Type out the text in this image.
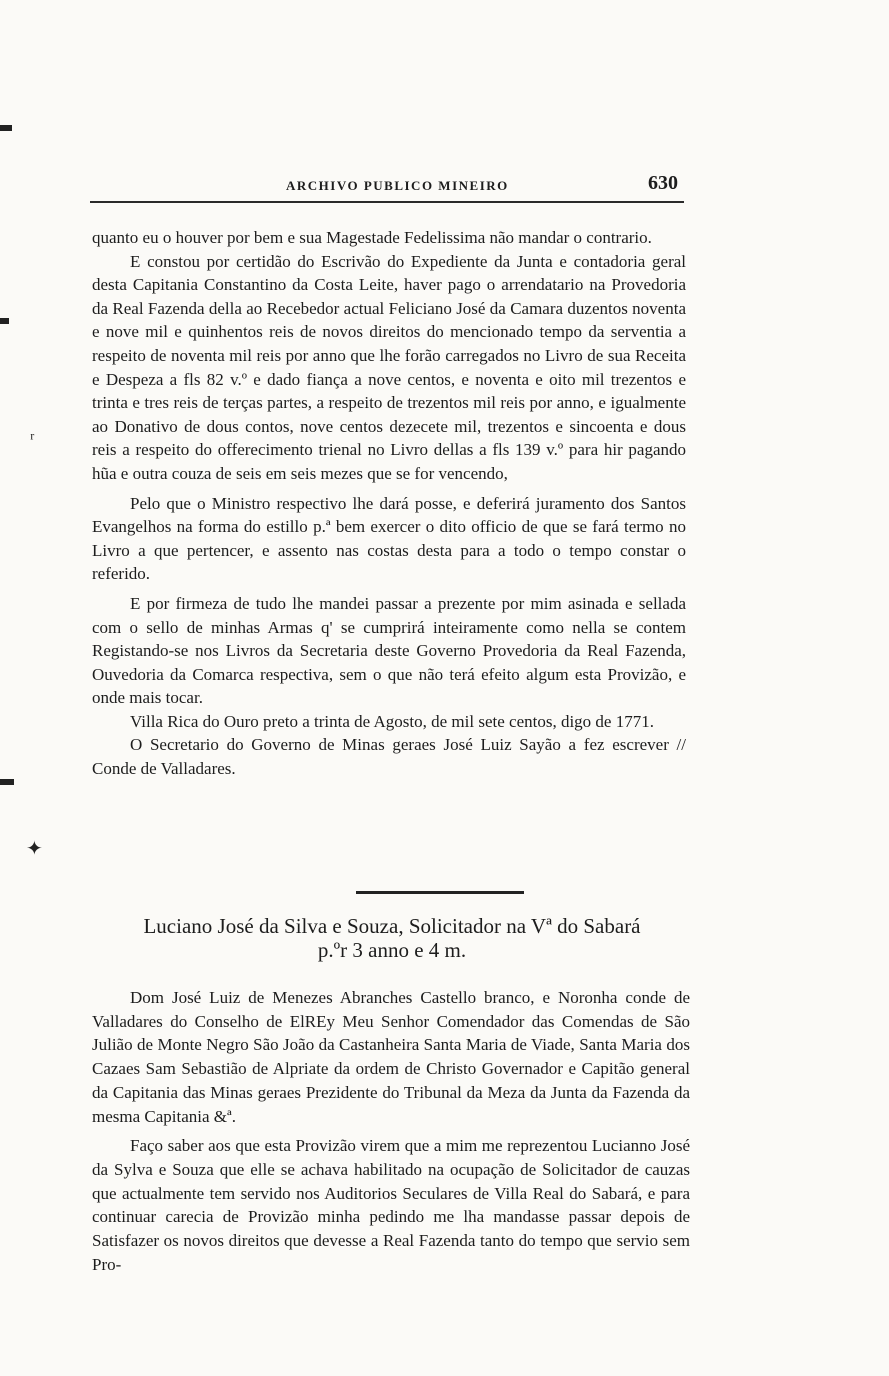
ʳ
✦
ARCHIVO PUBLICO MINEIRO	630

quanto eu o houver por bem e sua Magestade Fedelissima não mandar o contrario.

E constou por certidão do Escrivão do Expediente da Junta e contadoria geral desta Capitania Constantino da Costa Leite, haver pago o arrendatario na Provedoria da Real Fazenda della ao Recebedor actual Feliciano José da Camara duzentos noventa e nove mil e quinhentos reis de novos direitos do mencionado tempo da serventia a respeito de noventa mil reis por anno que lhe forão carregados no Livro de sua Receita e Despeza a fls 82 v.º e dado fiança a nove centos, e noventa e oito mil trezentos e trinta e tres reis de terças partes, a respeito de trezentos mil reis por anno, e igualmente ao Donativo de dous contos, nove centos dezecete mil, trezentos e sincoenta e dous reis a respeito do offerecimento trienal no Livro dellas a fls 139 v.º para hir pagando hũa e outra couza de seis em seis mezes que se for vencendo,

Pelo que o Ministro respectivo lhe dará posse, e deferirá juramento dos Santos Evangelhos na forma do estillo p.ª bem exercer o dito officio de que se fará termo no Livro a que pertencer, e assento nas costas desta para a todo o tempo constar o referido.

E por firmeza de tudo lhe mandei passar a prezente por mim asinada e sellada com o sello de minhas Armas q' se cumprirá inteiramente como nella se contem Registando-se nos Livros da Secretaria deste Governo Provedoria da Real Fazenda, Ouvedoria da Comarca respectiva, sem o que não terá efeito algum esta Provizão, e onde mais tocar.

Villa Rica do Ouro preto a trinta de Agosto, de mil sete centos, digo de 1771.

O Secretario do Governo de Minas geraes José Luiz Sayão a fez escrever // Conde de Valladares.

Luciano José da Silva e Souza, Solicitador na Vª do Sabará

p.ºr 3 anno e 4 m.

Dom José Luiz de Menezes Abranches Castello branco, e Noronha conde de Valladares do Conselho de ElREy Meu Senhor Comendador das Comendas de São Julião de Monte Negro São João da Castanheira Santa Maria de Viade, Santa Maria dos Cazaes Sam Sebastião de Alpriate da ordem de Christo Governador e Capitão general da Capitania das Minas geraes Prezidente do Tribunal da Meza da Junta da Fazenda da mesma Capitania &ª.

Faço saber aos que esta Provizão virem que a mim me reprezentou Lucianno José da Sylva e Souza que elle se achava habilitado na ocupação de Solicitador de cauzas que actualmente tem servido nos Auditorios Seculares de Villa Real do Sabará, e para continuar carecia de Provizão minha pedindo me lha mandasse passar depois de Satisfazer os novos direitos que devesse a Real Fazenda tanto do tempo que servio sem Pro-
